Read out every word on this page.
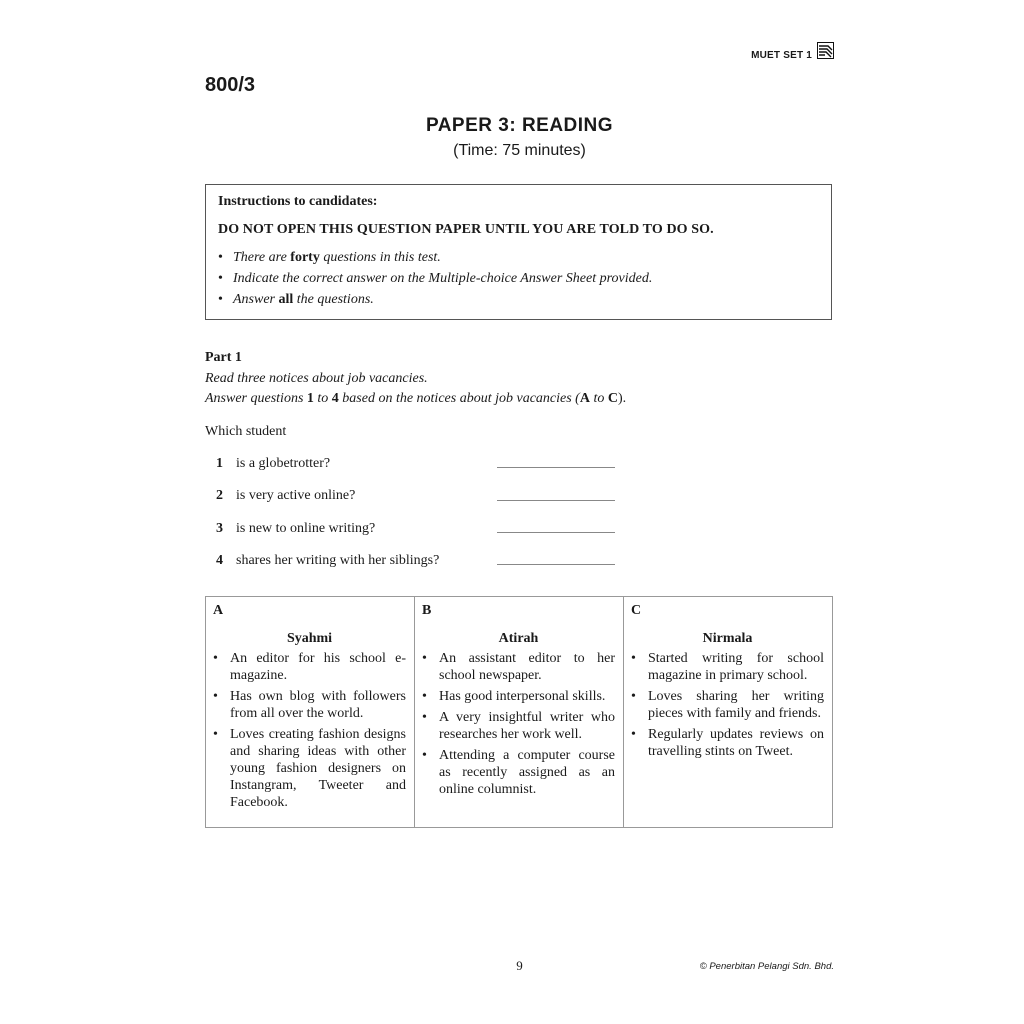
MUET SET 1
800/3
PAPER 3: READING
(Time: 75 minutes)
Instructions to candidates:
DO NOT OPEN THIS QUESTION PAPER UNTIL YOU ARE TOLD TO DO SO.
• There are forty questions in this test.
• Indicate the correct answer on the Multiple-choice Answer Sheet provided.
• Answer all the questions.
Part 1
Read three notices about job vacancies.
Answer questions 1 to 4 based on the notices about job vacancies (A to C).
Which student
1 is a globetrotter?
2 is very active online?
3 is new to online writing?
4 shares her writing with her siblings?
A
Syahmi
• An editor for his school e-magazine.
• Has own blog with followers from all over the world.
• Loves creating fashion designs and sharing ideas with other young fashion designers on Instangram, Tweeter and Facebook.
B
Atirah
• An assistant editor to her school newspaper.
• Has good interpersonal skills.
• A very insightful writer who researches her work well.
• Attending a computer course as recently assigned as an online columnist.
C
Nirmala
• Started writing for school magazine in primary school.
• Loves sharing her writing pieces with family and friends.
• Regularly updates reviews on travelling stints on Tweet.
9	© Penerbitan Pelangi Sdn. Bhd.
